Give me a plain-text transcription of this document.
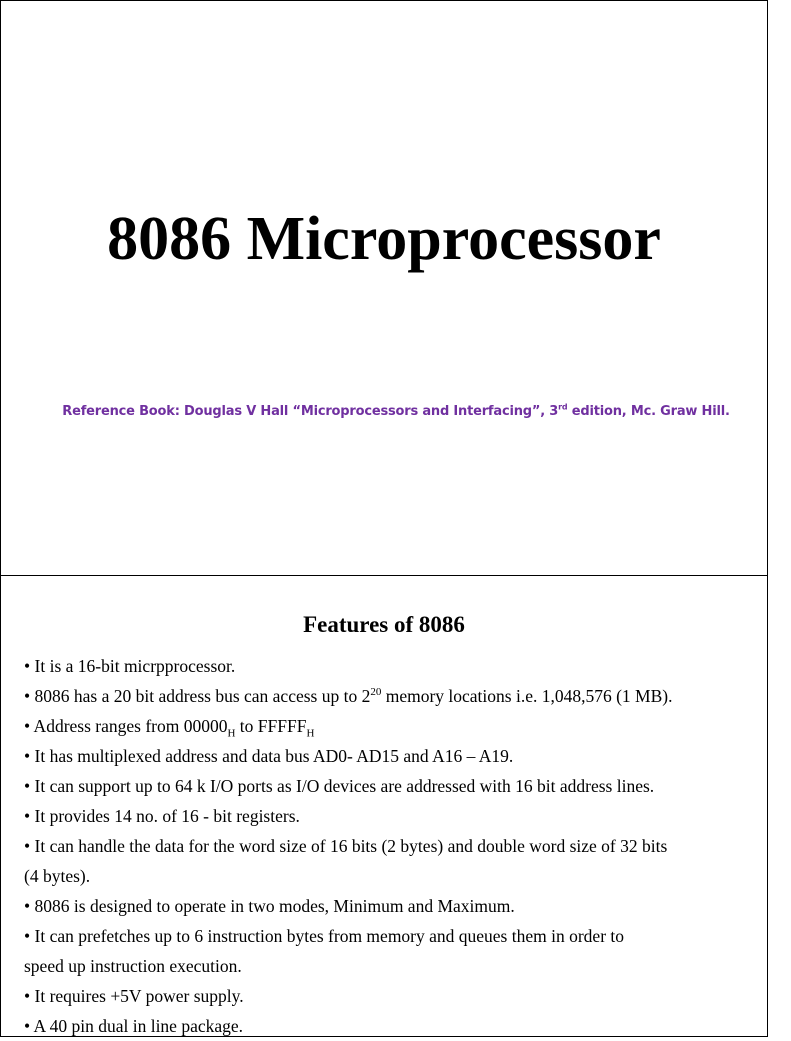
8086 Microprocessor
Reference Book: Douglas V Hall “Microprocessors and Interfacing”, 3rd edition, Mc. Graw Hill.
Features of 8086
• It is a 16-bit micrpprocessor.
• 8086 has a 20 bit address bus can access up to $2^{20}$ memory locations i.e. 1,048,576 (1 MB).
• Address ranges from $00000_H$ to $FFFFF_H$
• It has multiplexed address and data bus AD0- AD15 and A16 – A19.
• It can support up to 64 k I/O ports as I/O devices are addressed with 16 bit address lines.
• It provides 14 no. of 16 - bit registers.
• It can handle the data for the word size of 16 bits (2 bytes) and double word size of 32 bits
(4 bytes).
• 8086 is designed to operate in two modes, Minimum and Maximum.
• It can prefetches up to 6 instruction bytes from memory and queues them in order to
speed up instruction execution.
• It requires +5V power supply.
• A 40 pin dual in line package.
